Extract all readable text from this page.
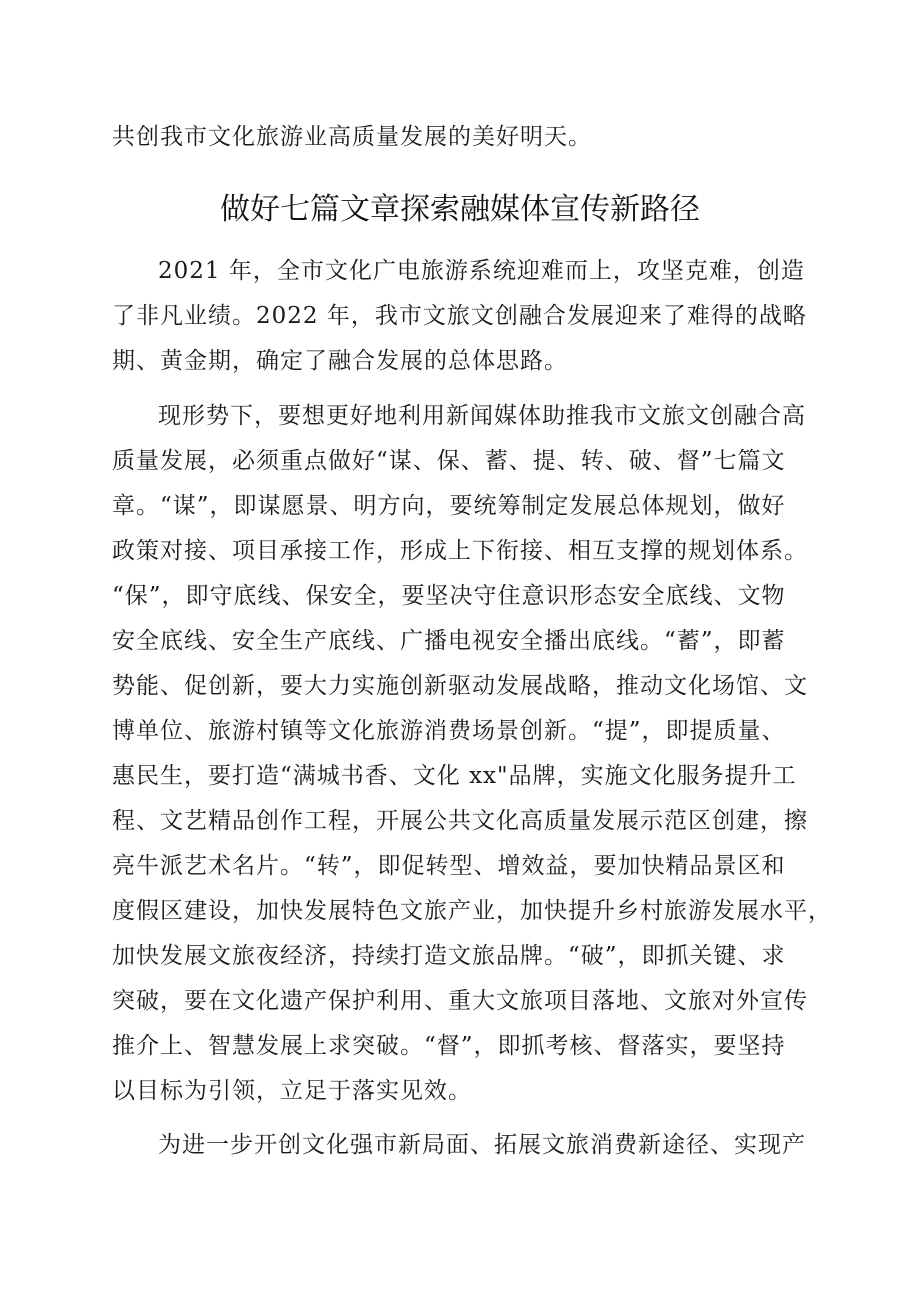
共创我市文化旅游业高质量发展的美好明天。
做好七篇文章探索融媒体宣传新路径
2021 年，全市文化广电旅游系统迎难而上，攻坚克难，创造
了非凡业绩。2022 年，我市文旅文创融合发展迎来了难得的战略
期、黄金期，确定了融合发展的总体思路。
现形势下，要想更好地利用新闻媒体助推我市文旅文创融合高
质量发展，必须重点做好“谋、保、蓄、提、转、破、督”七篇文
章。“谋”，即谋愿景、明方向，要统筹制定发展总体规划，做好
政策对接、项目承接工作，形成上下衔接、相互支撑的规划体系。
“保”，即守底线、保安全，要坚决守住意识形态安全底线、文物
安全底线、安全生产底线、广播电视安全播出底线。“蓄”，即蓄
势能、促创新，要大力实施创新驱动发展战略，推动文化场馆、文
博单位、旅游村镇等文化旅游消费场景创新。“提”，即提质量、
惠民生，要打造“满城书香、文化 xx"品牌，实施文化服务提升工
程、文艺精品创作工程，开展公共文化高质量发展示范区创建，擦
亮牛派艺术名片。“转”，即促转型、增效益，要加快精品景区和
度假区建设，加快发展特色文旅产业，加快提升乡村旅游发展水平，
加快发展文旅夜经济，持续打造文旅品牌。“破”，即抓关键、求
突破，要在文化遗产保护利用、重大文旅项目落地、文旅对外宣传
推介上、智慧发展上求突破。“督”，即抓考核、督落实，要坚持
以目标为引领，立足于落实见效。
为进一步开创文化强市新局面、拓展文旅消费新途径、实现产
